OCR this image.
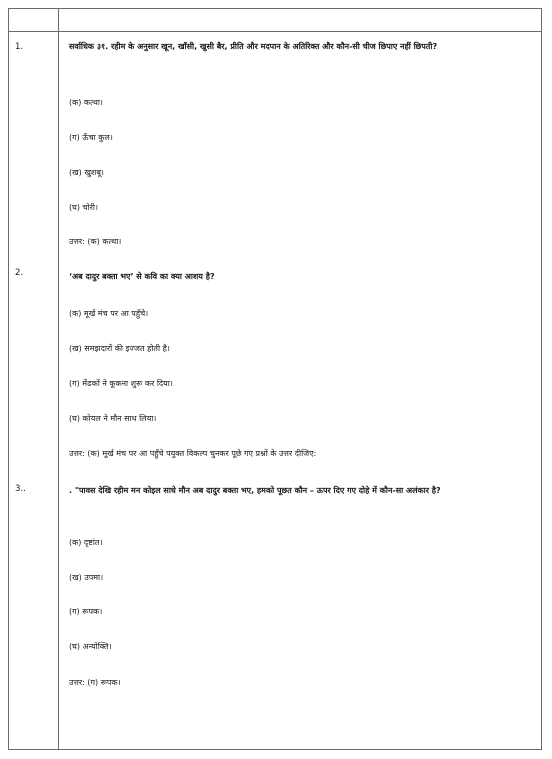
1.	सर्वाधिक ३१. रहीम के अनुसार खून, खाँसी, खुसी बैर, प्रीति और मदपान के अतिरिक्त और कौन-सी चीज छिपाए नहीं छिपती?
(क) कत्था।
(ग) ऊँचा कुल।
(ख) खुशबू।
(घ) चोरी।
उत्तर: (क) कत्था।
2.	‘अब दादुर बक्ता भए’ से कवि का क्या आशय है?
(क) मूर्ख मंच पर आ पहुँचे।
(ख) समझदारों की इज्जत होती है।
(ग) मेंढकों ने कूकना शुरू कर दिया।
(घ) कोयल ने मौन साध लिया।
उत्तर: (क) मूर्ख मंच पर आ पहुँचे पयुक्त विकल्प चुनकर पूछे गए प्रश्नों के उत्तर दीजिए:
3..	. "पावस देखि रहीम मन कोइल साधे मौन अब दादुर बक्ता भए, हमको पूछत कौन – ऊपर दिए गए दोहे में कौन-सा अलंकार है?
(क) दृष्टांत।
(ख) उपमा।
(ग) रूपक।
(घ) अन्योक्ति।
उत्तर: (ग) रूपक।
